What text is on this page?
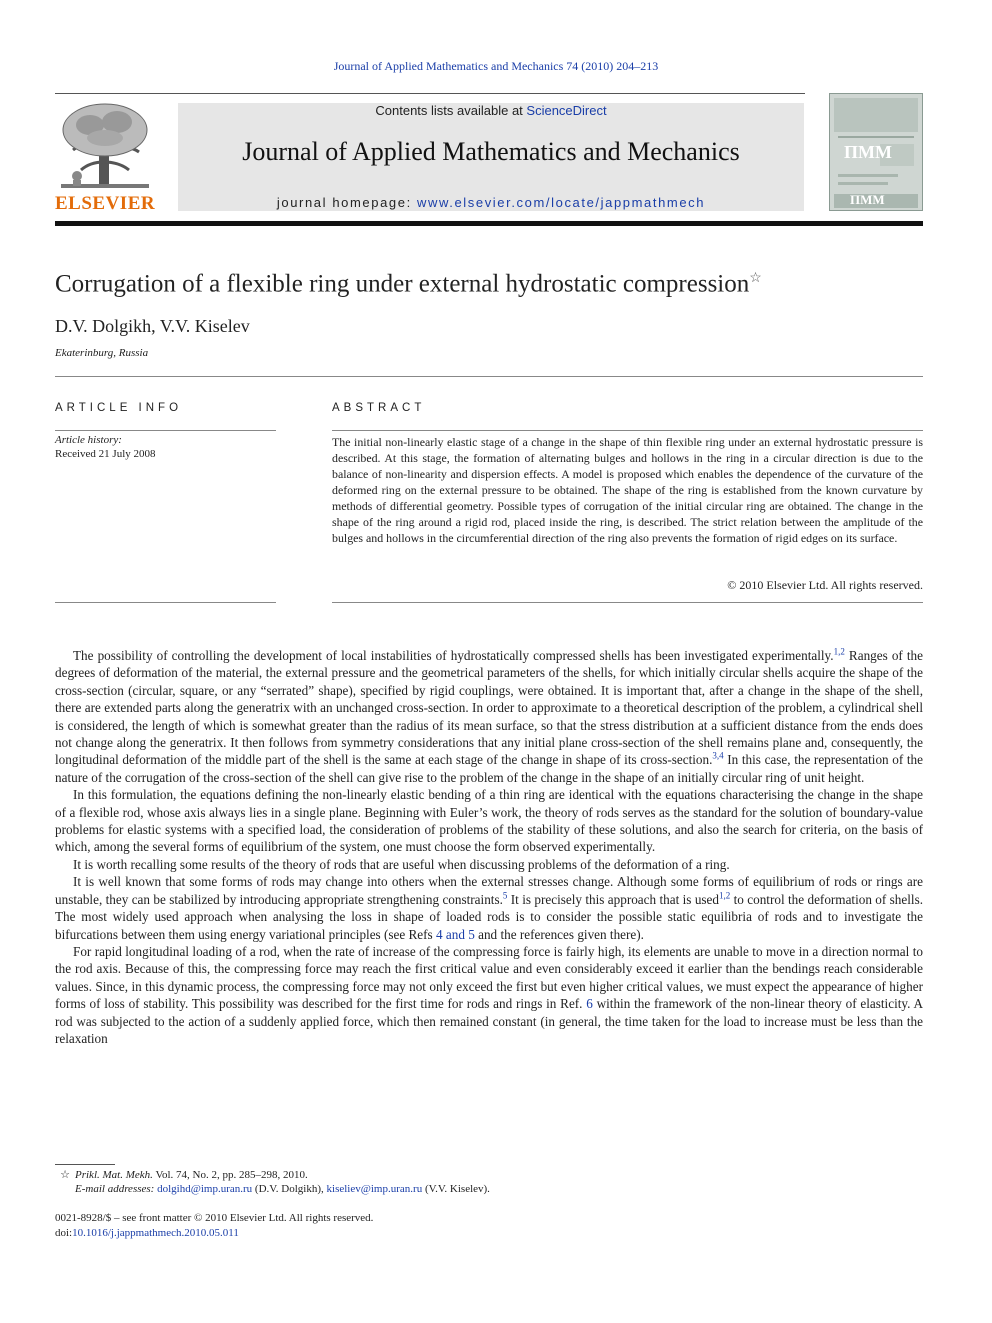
Journal of Applied Mathematics and Mechanics 74 (2010) 204–213
ELSEVIER
Contents lists available at ScienceDirect
Journal of Applied Mathematics and Mechanics
journal homepage: www.elsevier.com/locate/jappmathmech
ПММ
ПММ
Corrugation of a flexible ring under external hydrostatic compression☆
D.V. Dolgikh, V.V. Kiselev
Ekaterinburg, Russia
ARTICLE INFO	ABSTRACT
Article history:
Received 21 July 2008
The initial non-linearly elastic stage of a change in the shape of thin flexible ring under an external hydrostatic pressure is described. At this stage, the formation of alternating bulges and hollows in the ring in a circular direction is due to the balance of non-linearity and dispersion effects. A model is proposed which enables the dependence of the curvature of the deformed ring on the external pressure to be obtained. The shape of the ring is established from the known curvature by methods of differential geometry. Possible types of corrugation of the initial circular ring are obtained. The change in the shape of the ring around a rigid rod, placed inside the ring, is described. The strict relation between the amplitude of the bulges and hollows in the circumferential direction of the ring also prevents the formation of rigid edges on its surface.
© 2010 Elsevier Ltd. All rights reserved.

The possibility of controlling the development of local instabilities of hydrostatically compressed shells has been investigated experimentally.$^{1,2}$ Ranges of the degrees of deformation of the material, the external pressure and the geometrical parameters of the shells, for which initially circular shells acquire the shape of the cross-section (circular, square, or any “serrated” shape), specified by rigid couplings, were obtained. It is important that, after a change in the shape of the shell, there are extended parts along the generatrix with an unchanged cross-section. In order to approximate to a theoretical description of the problem, a cylindrical shell is considered, the length of which is somewhat greater than the radius of its mean surface, so that the stress distribution at a sufficient distance from the ends does not change along the generatrix. It then follows from symmetry considerations that any initial plane cross-section of the shell remains plane and, consequently, the longitudinal deformation of the middle part of the shell is the same at each stage of the change in shape of its cross-section.$^{3,4}$ In this case, the representation of the nature of the corrugation of the cross-section of the shell can give rise to the problem of the change in the shape of an initially circular ring of unit height.

In this formulation, the equations defining the non-linearly elastic bending of a thin ring are identical with the equations characterising the change in the shape of a flexible rod, whose axis always lies in a single plane. Beginning with Euler’s work, the theory of rods serves as the standard for the solution of boundary-value problems for elastic systems with a specified load, the consideration of problems of the stability of these solutions, and also the search for criteria, on the basis of which, among the several forms of equilibrium of the system, one must choose the form observed experimentally.

It is worth recalling some results of the theory of rods that are useful when discussing problems of the deformation of a ring.

It is well known that some forms of rods may change into others when the external stresses change. Although some forms of equilibrium of rods or rings are unstable, they can be stabilized by introducing appropriate strengthening constraints.$^5$ It is precisely this approach that is used$^{1,2}$ to control the deformation of shells. The most widely used approach when analysing the loss in shape of loaded rods is to consider the possible static equilibria of rods and to investigate the bifurcations between them using energy variational principles (see Refs 4 and 5 and the references given there).

For rapid longitudinal loading of a rod, when the rate of increase of the compressing force is fairly high, its elements are unable to move in a direction normal to the rod axis. Because of this, the compressing force may reach the first critical value and even considerably exceed it earlier than the bendings reach considerable values. Since, in this dynamic process, the compressing force may not only exceed the first but even higher critical values, we must expect the appearance of higher forms of loss of stability. This possibility was described for the first time for rods and rings in Ref. 6 within the framework of the non-linear theory of elasticity. A rod was subjected to the action of a suddenly applied force, which then remained constant (in general, the time taken for the load to increase must be less than the relaxation

☆ Prikl. Mat. Mekh. Vol. 74, No. 2, pp. 285–298, 2010.
E-mail addresses: dolgihd@imp.uran.ru (D.V. Dolgikh), kiseliev@imp.uran.ru (V.V. Kiselev).
0021-8928/$ – see front matter © 2010 Elsevier Ltd. All rights reserved.
doi:10.1016/j.jappmathmech.2010.05.011
